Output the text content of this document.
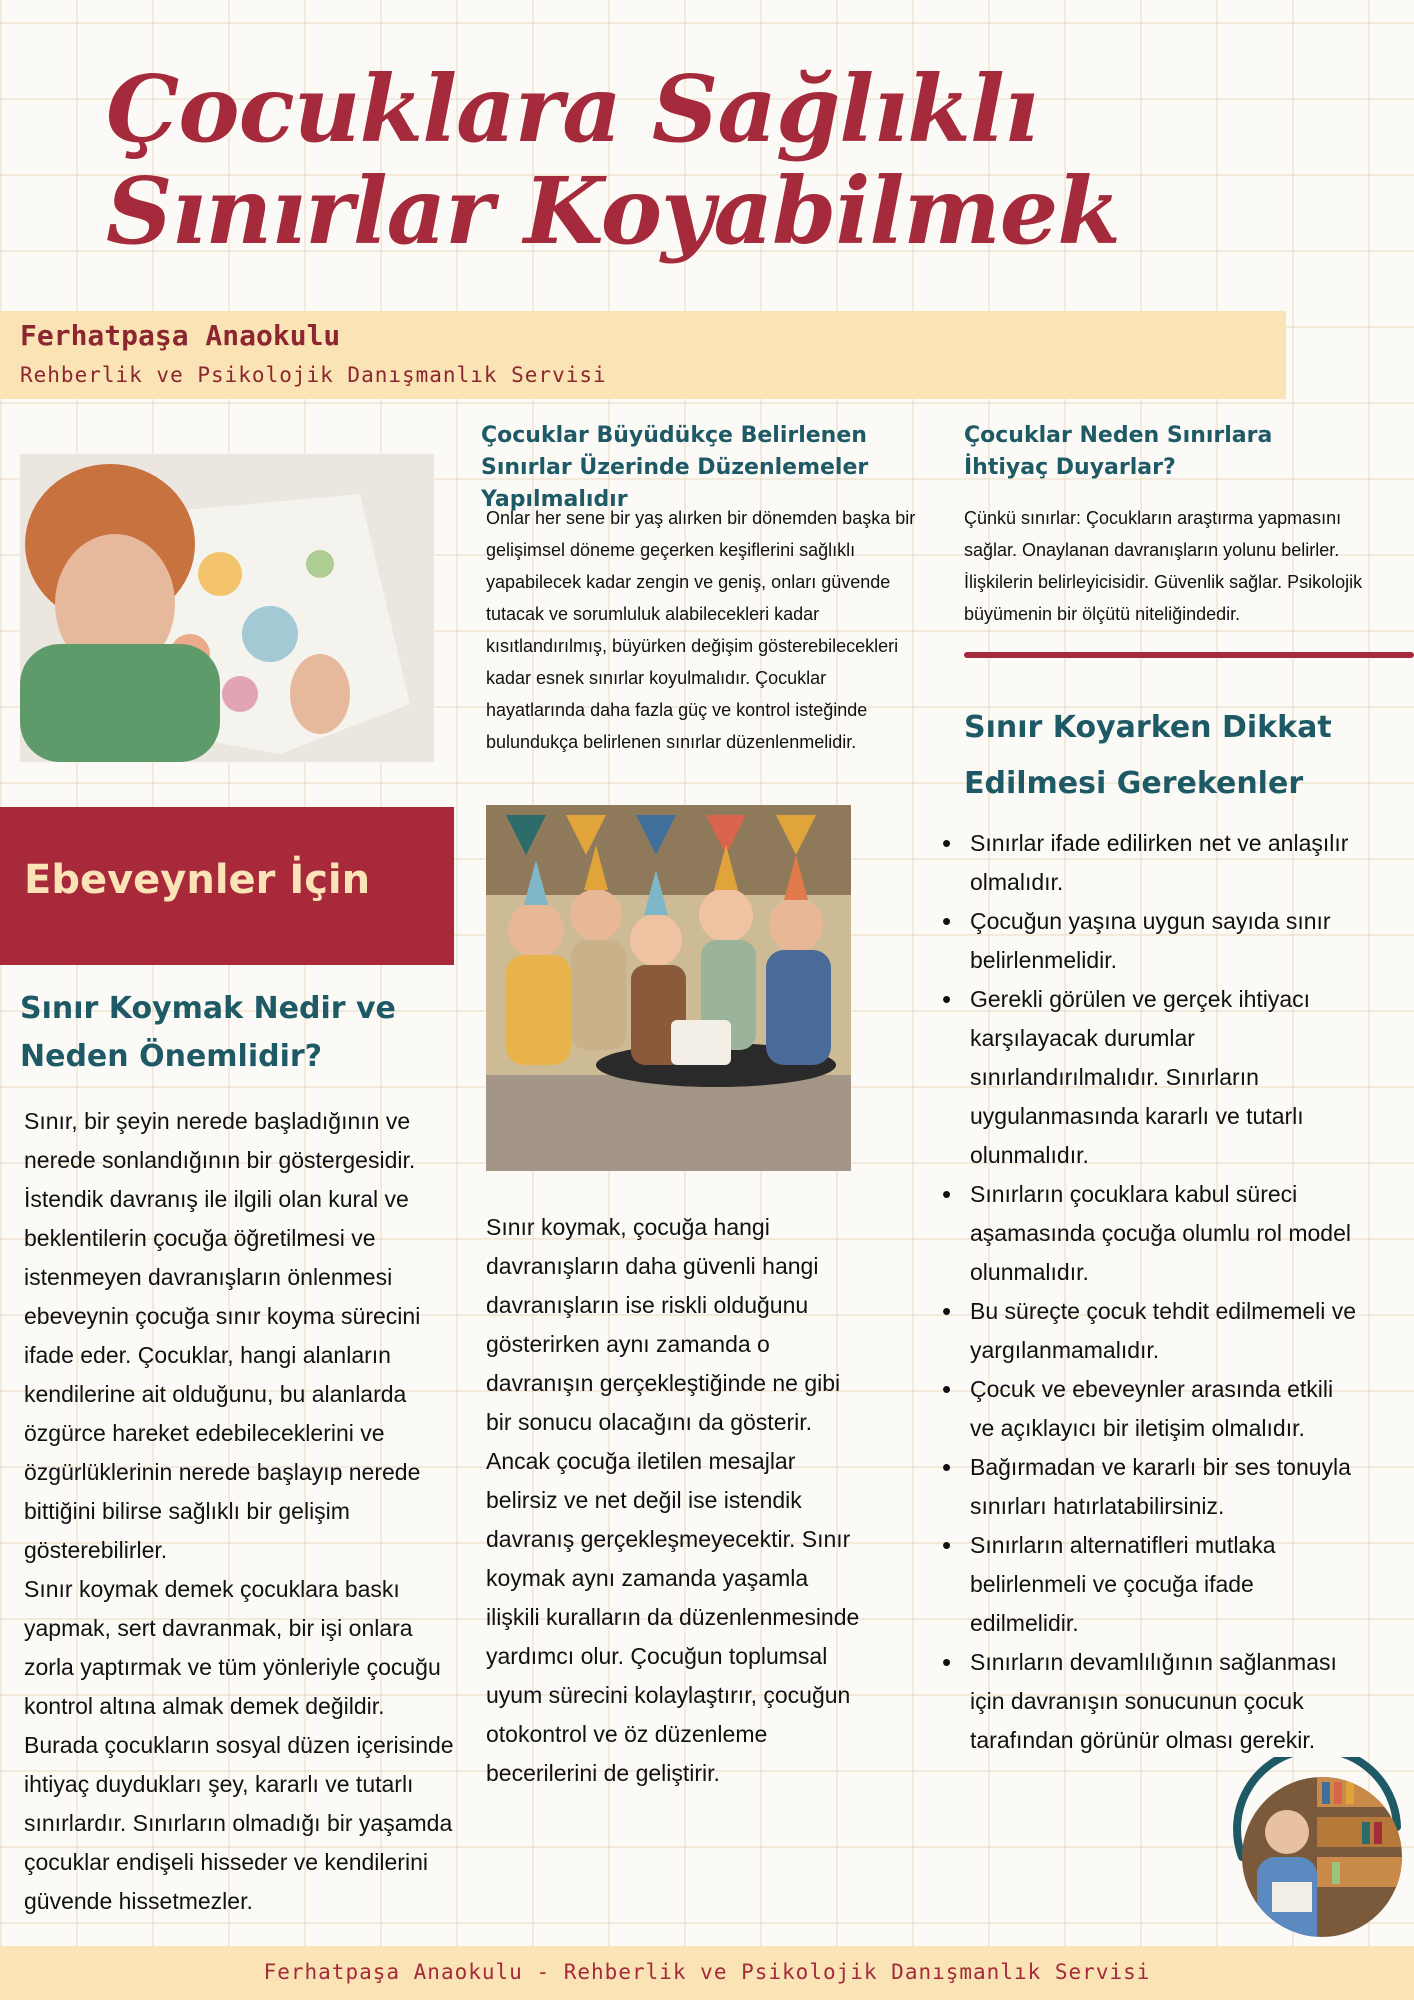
Çocuklara Sağlıklı
Sınırlar Koyabilmek
Ferhatpaşa Anaokulu
Rehberlik ve Psikolojik Danışmanlık Servisi
Çocuklar Büyüdükçe Belirlenen Sınırlar Üzerinde Düzenlemeler Yapılmalıdır
Onlar her sene bir yaş alırken bir dönemden başka bir gelişimsel döneme geçerken keşiflerini sağlıklı yapabilecek kadar zengin ve geniş, onları güvende tutacak ve sorumluluk alabilecekleri kadar kısıtlandırılmış, büyürken değişim gösterebilecekleri kadar esnek sınırlar koyulmalıdır. Çocuklar hayatlarında daha fazla güç ve kontrol isteğinde bulundukça belirlenen sınırlar düzenlenmelidir.
Çocuklar Neden Sınırlara İhtiyaç Duyarlar?
Çünkü sınırlar: Çocukların araştırma yapmasını sağlar. Onaylanan davranışların yolunu belirler. İlişkilerin belirleyicisidir. Güvenlik sağlar. Psikolojik büyümenin bir ölçütü niteliğindedir.
Sınır Koyarken Dikkat Edilmesi Gerekenler
• Sınırlar ifade edilirken net ve anlaşılır olmalıdır.
• Çocuğun yaşına uygun sayıda sınır belirlenmelidir.
• Gerekli görülen ve gerçek ihtiyacı karşılayacak durumlar sınırlandırılmalıdır. Sınırların uygulanmasında kararlı ve tutarlı olunmalıdır.
• Sınırların çocuklara kabul süreci aşamasında çocuğa olumlu rol model olunmalıdır.
• Bu süreçte çocuk tehdit edilmemeli ve yargılanmamalıdır.
• Çocuk ve ebeveynler arasında etkili ve açıklayıcı bir iletişim olmalıdır.
• Bağırmadan ve kararlı bir ses tonuyla sınırları hatırlatabilirsiniz.
• Sınırların alternatifleri mutlaka belirlenmeli ve çocuğa ifade edilmelidir.
• Sınırların devamlılığının sağlanması için davranışın sonucunun çocuk tarafından görünür olması gerekir.
Ebeveynler İçin
Sınır Koymak Nedir ve Neden Önemlidir?
Sınır, bir şeyin nerede başladığının ve nerede sonlandığının bir göstergesidir. İstendik davranış ile ilgili olan kural ve beklentilerin çocuğa öğretilmesi ve istenmeyen davranışların önlenmesi ebeveynin çocuğa sınır koyma sürecini ifade eder. Çocuklar, hangi alanların kendilerine ait olduğunu, bu alanlarda özgürce hareket edebileceklerini ve özgürlüklerinin nerede başlayıp nerede bittiğini bilirse sağlıklı bir gelişim gösterebilirler.
Sınır koymak demek çocuklara baskı yapmak, sert davranmak, bir işi onlara zorla yaptırmak ve tüm yönleriyle çocuğu kontrol altına almak demek değildir. Burada çocukların sosyal düzen içerisinde ihtiyaç duydukları şey, kararlı ve tutarlı sınırlardır. Sınırların olmadığı bir yaşamda çocuklar endişeli hisseder ve kendilerini güvende hissetmezler.
Sınır koymak, çocuğa hangi davranışların daha güvenli hangi davranışların ise riskli olduğunu gösterirken aynı zamanda o davranışın gerçekleştiğinde ne gibi bir sonucu olacağını da gösterir. Ancak çocuğa iletilen mesajlar belirsiz ve net değil ise istendik davranış gerçekleşmeyecektir. Sınır koymak aynı zamanda yaşamla ilişkili kuralların da düzenlenmesinde yardımcı olur. Çocuğun toplumsal uyum sürecini kolaylaştırır, çocuğun otokontrol ve öz düzenleme becerilerini de geliştirir.
Ferhatpaşa Anaokulu - Rehberlik ve Psikolojik Danışmanlık Servisi
